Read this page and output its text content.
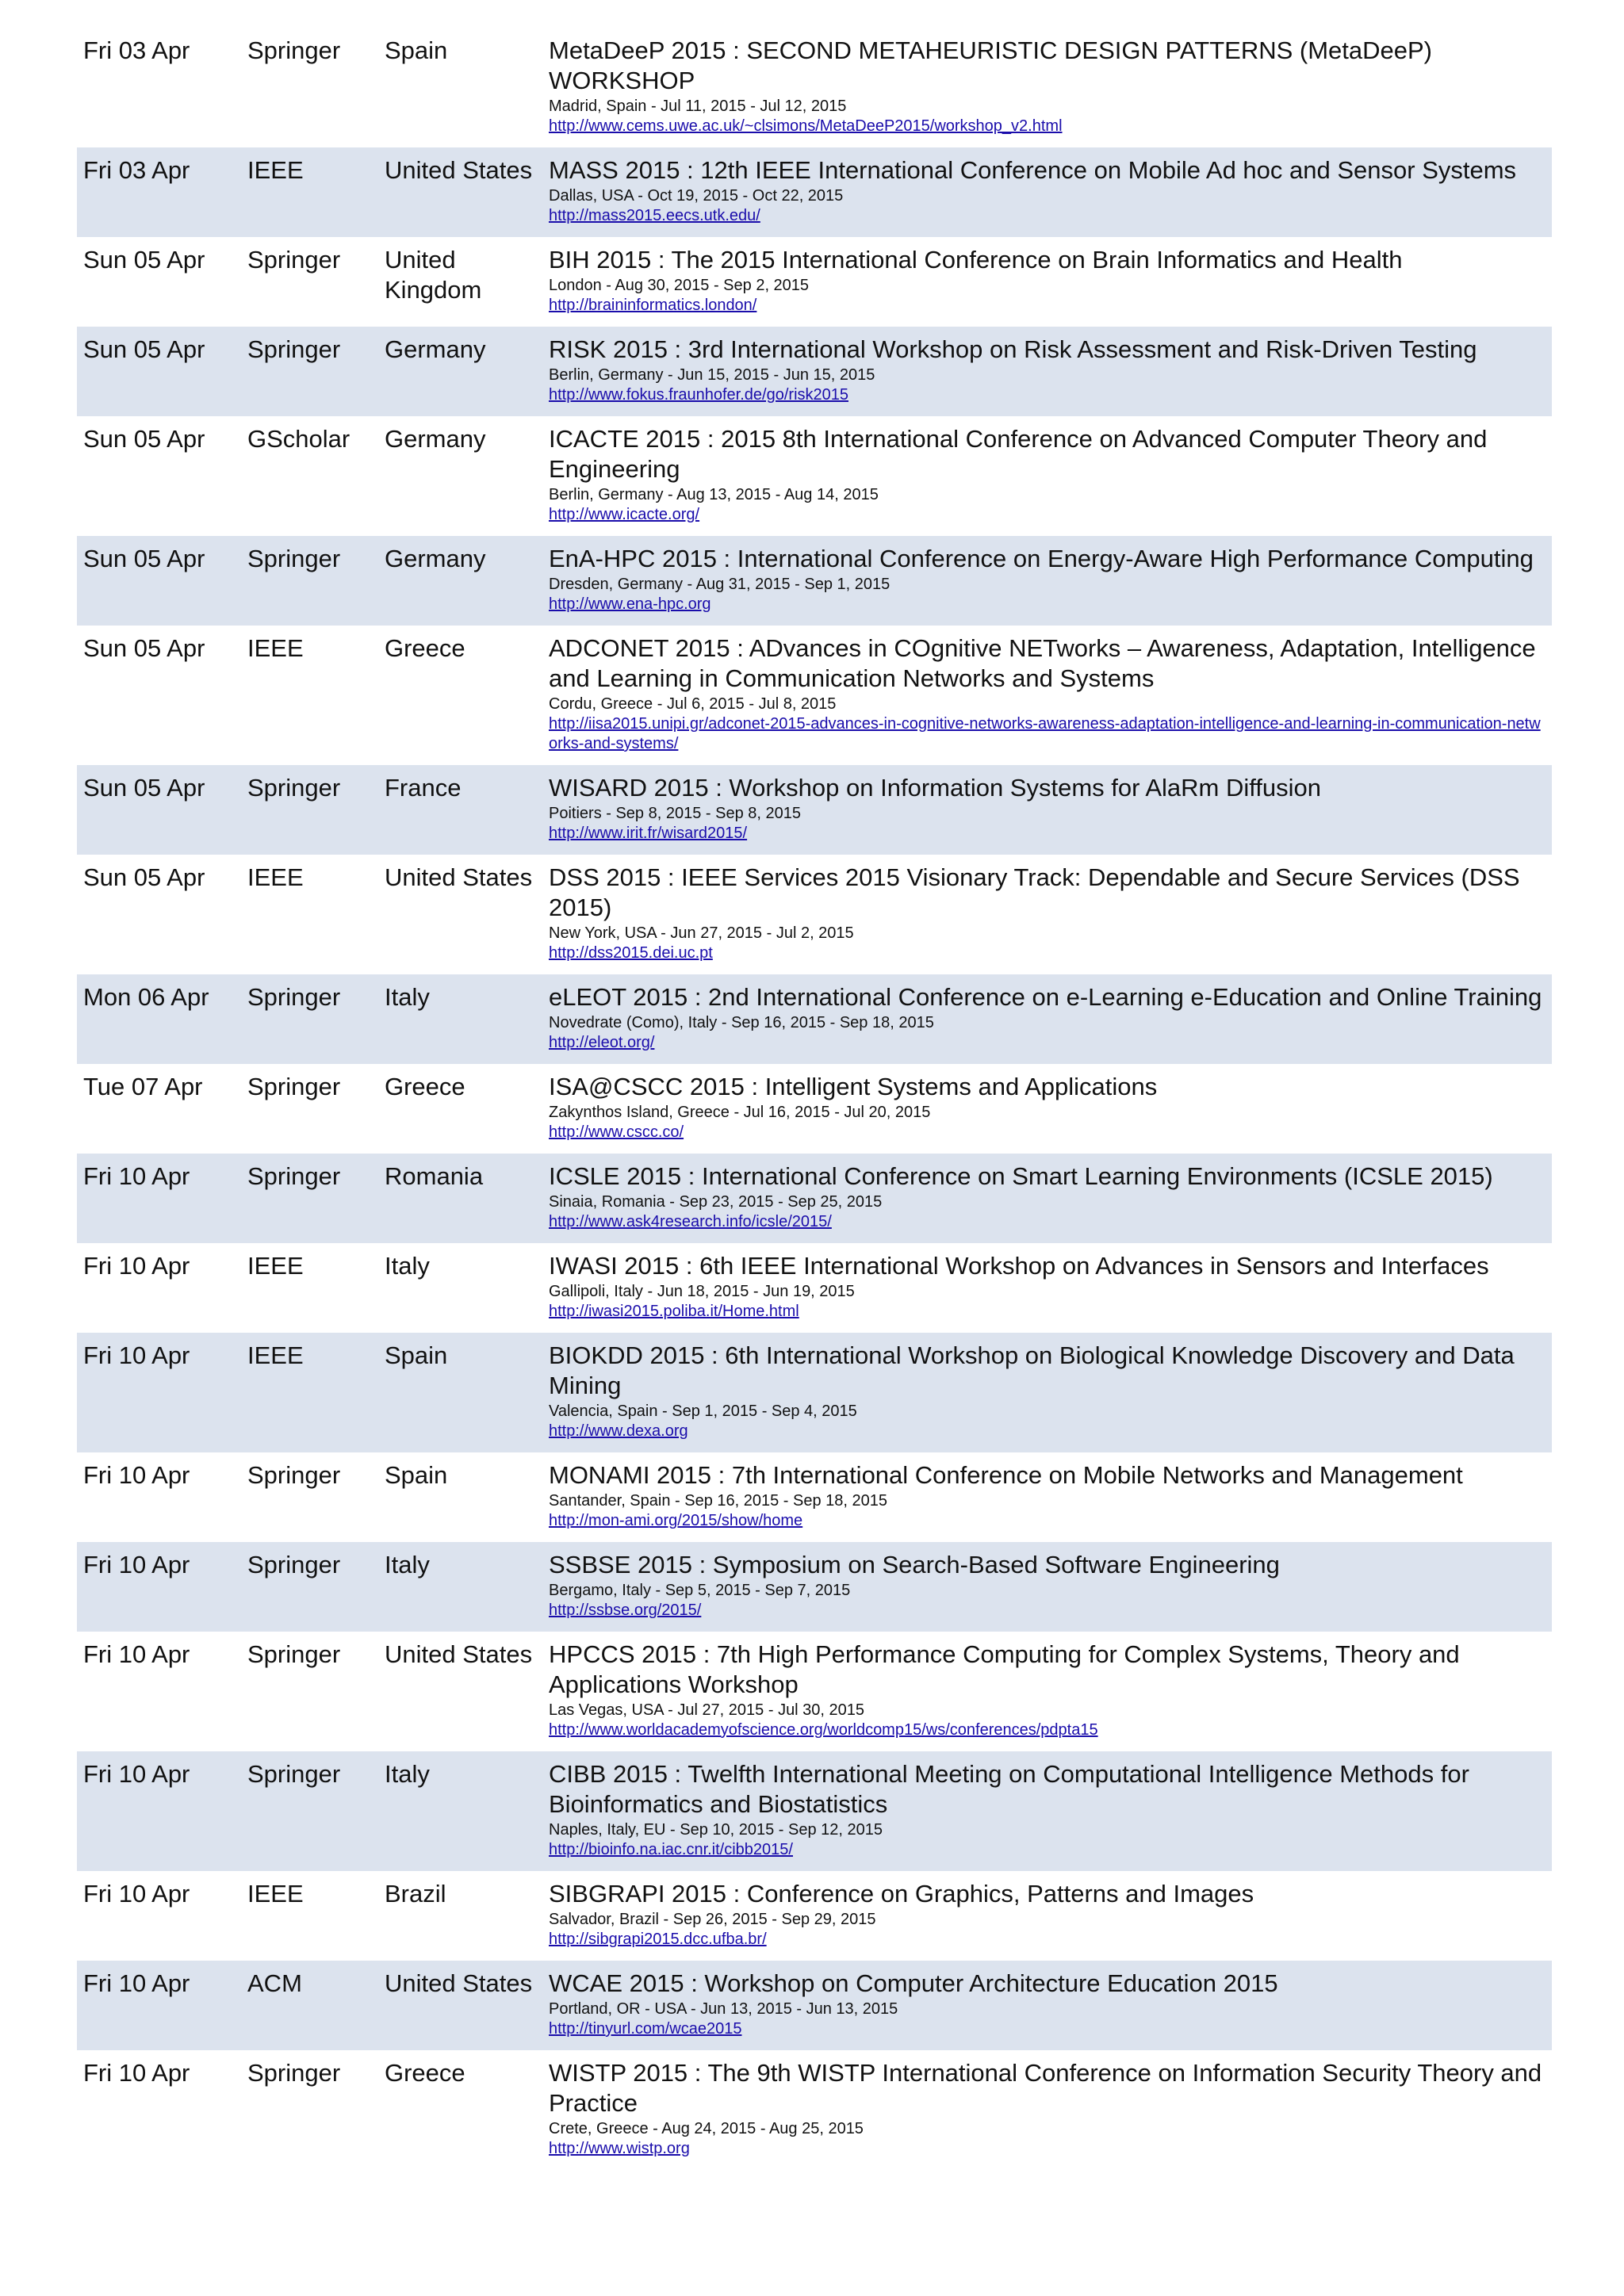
Fri 03 Apr	Springer	Spain	MetaDeeP 2015 : SECOND METAHEURISTIC DESIGN PATTERNS (MetaDeeP) WORKSHOP
Madrid, Spain - Jul 11, 2015 - Jul 12, 2015
http://www.cems.uwe.ac.uk/~clsimons/MetaDeeP2015/workshop_v2.html

Fri 03 Apr	IEEE	United States	MASS 2015 : 12th IEEE International Conference on Mobile Ad hoc and Sensor Systems
Dallas, USA - Oct 19, 2015 - Oct 22, 2015
http://mass2015.eecs.utk.edu/

Sun 05 Apr	Springer	United Kingdom	BIH 2015 : The 2015 International Conference on Brain Informatics and Health
London - Aug 30, 2015 - Sep 2, 2015
http://braininformatics.london/

Sun 05 Apr	Springer	Germany	RISK 2015 : 3rd International Workshop on Risk Assessment and Risk-Driven Testing
Berlin, Germany - Jun 15, 2015 - Jun 15, 2015
http://www.fokus.fraunhofer.de/go/risk2015

Sun 05 Apr	GScholar	Germany	ICACTE 2015 : 2015 8th International Conference on Advanced Computer Theory and Engineering
Berlin, Germany - Aug 13, 2015 - Aug 14, 2015
http://www.icacte.org/

Sun 05 Apr	Springer	Germany	EnA-HPC 2015 : International Conference on Energy-Aware High Performance Computing
Dresden, Germany - Aug 31, 2015 - Sep 1, 2015
http://www.ena-hpc.org

Sun 05 Apr	IEEE	Greece	ADCONET 2015 : ADvances in COgnitive NETworks – Awareness, Adaptation, Intelligence and Learning in Communication Networks and Systems
Cordu, Greece - Jul 6, 2015 - Jul 8, 2015
http://iisa2015.unipi.gr/adconet-2015-advances-in-cognitive-networks-awareness-adaptation-intelligence-and-learning-in-communication-networks-and-systems/

Sun 05 Apr	Springer	France	WISARD 2015 : Workshop on Information Systems for AlaRm Diffusion
Poitiers - Sep 8, 2015 - Sep 8, 2015
http://www.irit.fr/wisard2015/

Sun 05 Apr	IEEE	United States	DSS 2015 : IEEE Services 2015 Visionary Track: Dependable and Secure Services (DSS 2015)
New York, USA - Jun 27, 2015 - Jul 2, 2015
http://dss2015.dei.uc.pt

Mon 06 Apr	Springer	Italy	eLEOT 2015 : 2nd International Conference on e-Learning e-Education and Online Training
Novedrate (Como), Italy - Sep 16, 2015 - Sep 18, 2015
http://eleot.org/

Tue 07 Apr	Springer	Greece	ISA@CSCC 2015 : Intelligent Systems and Applications
Zakynthos Island, Greece - Jul 16, 2015 - Jul 20, 2015
http://www.cscc.co/

Fri 10 Apr	Springer	Romania	ICSLE 2015 : International Conference on Smart Learning Environments (ICSLE 2015)
Sinaia, Romania - Sep 23, 2015 - Sep 25, 2015
http://www.ask4research.info/icsle/2015/

Fri 10 Apr	IEEE	Italy	IWASI 2015 : 6th IEEE International Workshop on Advances in Sensors and Interfaces
Gallipoli, Italy - Jun 18, 2015 - Jun 19, 2015
http://iwasi2015.poliba.it/Home.html

Fri 10 Apr	IEEE	Spain	BIOKDD 2015 : 6th International Workshop on Biological Knowledge Discovery and Data Mining
Valencia, Spain - Sep 1, 2015 - Sep 4, 2015
http://www.dexa.org

Fri 10 Apr	Springer	Spain	MONAMI 2015 : 7th International Conference on Mobile Networks and Management
Santander, Spain - Sep 16, 2015 - Sep 18, 2015
http://mon-ami.org/2015/show/home

Fri 10 Apr	Springer	Italy	SSBSE 2015 : Symposium on Search-Based Software Engineering
Bergamo, Italy - Sep 5, 2015 - Sep 7, 2015
http://ssbse.org/2015/

Fri 10 Apr	Springer	United States	HPCCS 2015 : 7th High Performance Computing for Complex Systems, Theory and Applications Workshop
Las Vegas, USA - Jul 27, 2015 - Jul 30, 2015
http://www.worldacademyofscience.org/worldcomp15/ws/conferences/pdpta15

Fri 10 Apr	Springer	Italy	CIBB 2015 : Twelfth International Meeting on Computational Intelligence Methods for Bioinformatics and Biostatistics
Naples, Italy, EU - Sep 10, 2015 - Sep 12, 2015
http://bioinfo.na.iac.cnr.it/cibb2015/

Fri 10 Apr	IEEE	Brazil	SIBGRAPI 2015 : Conference on Graphics, Patterns and Images
Salvador, Brazil - Sep 26, 2015 - Sep 29, 2015
http://sibgrapi2015.dcc.ufba.br/

Fri 10 Apr	ACM	United States	WCAE 2015 : Workshop on Computer Architecture Education 2015
Portland, OR - USA - Jun 13, 2015 - Jun 13, 2015
http://tinyurl.com/wcae2015

Fri 10 Apr	Springer	Greece	WISTP 2015 : The 9th WISTP International Conference on Information Security Theory and Practice
Crete, Greece - Aug 24, 2015 - Aug 25, 2015
http://www.wistp.org
